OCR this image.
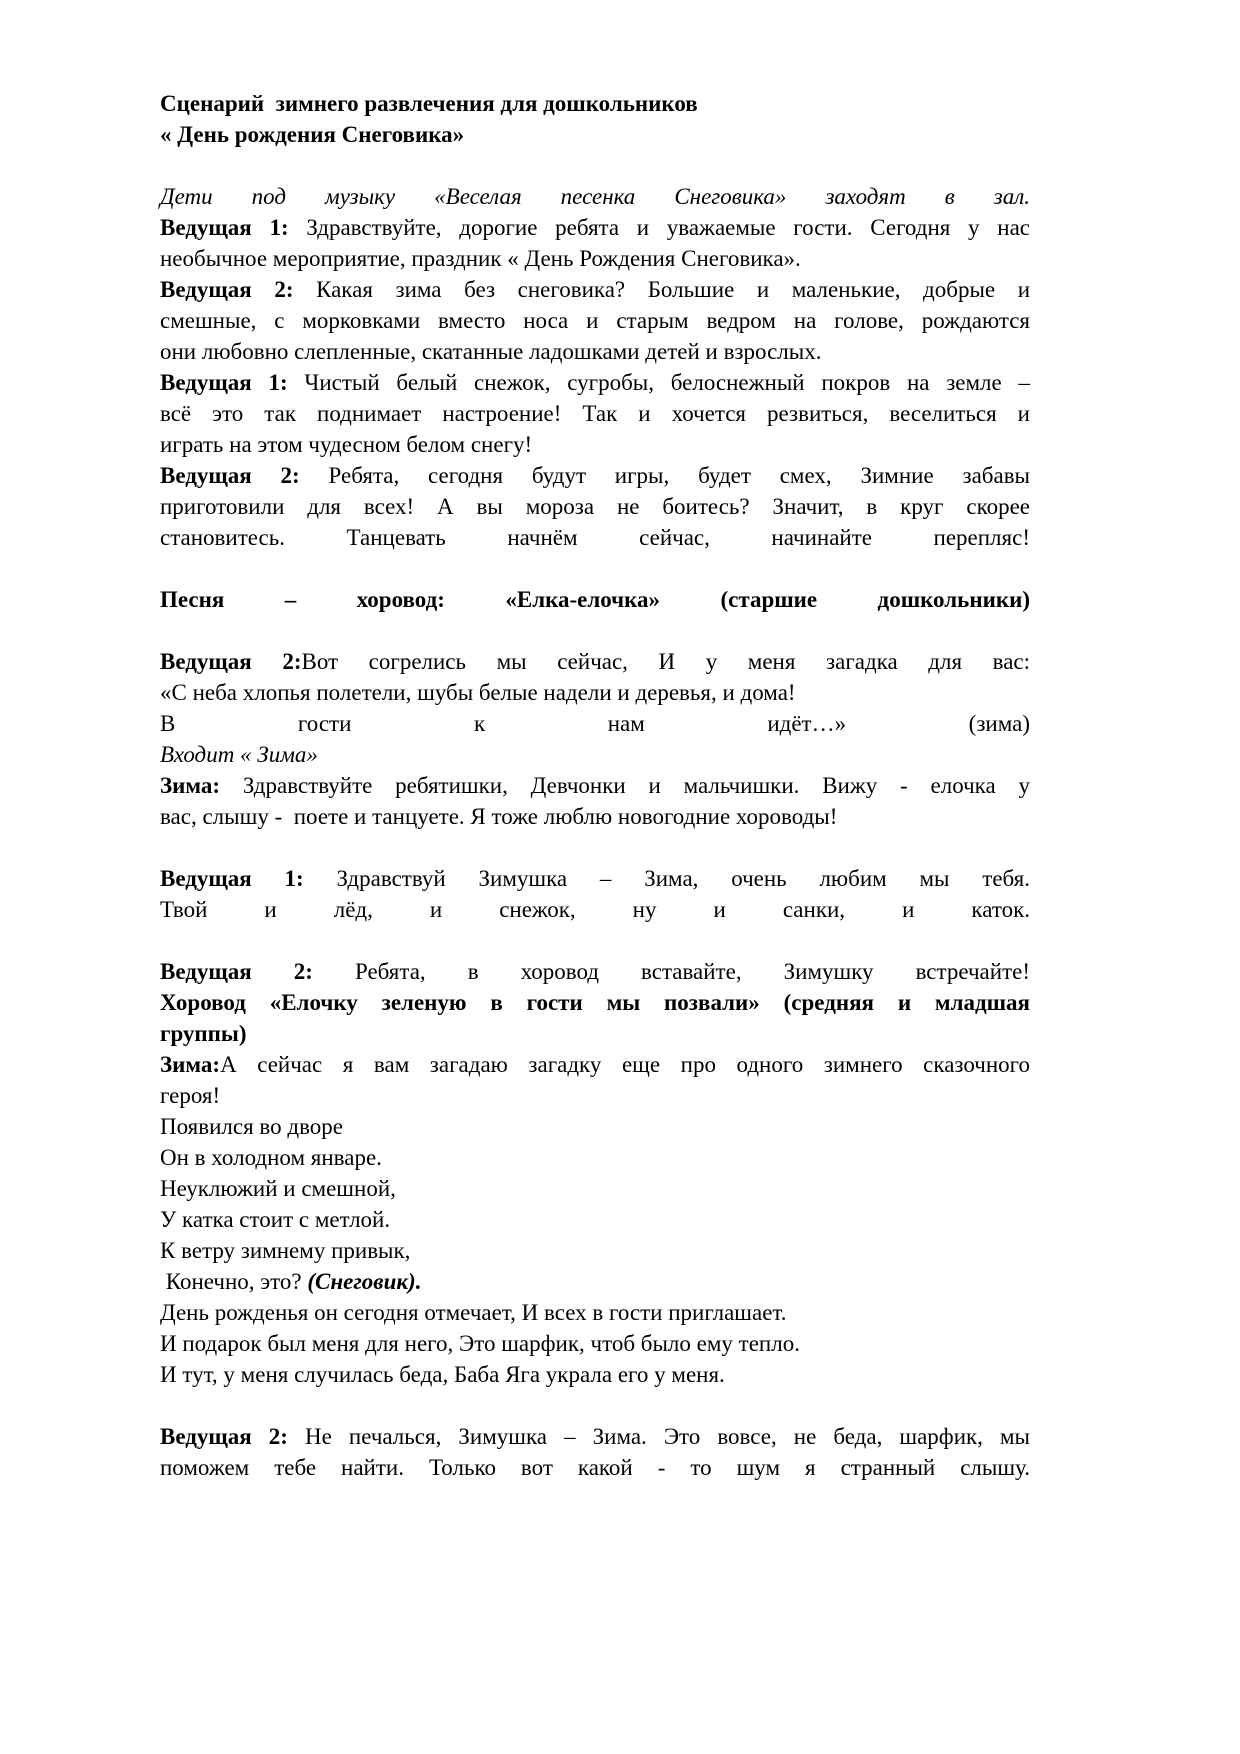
Сценарий  зимнего развлечения для дошкольников
« День рождения Снеговика»
Дети под музыку «Веселая песенка Снеговика» заходят в зал.
Ведущая 1: Здравствуйте, дорогие ребята и уважаемые гости. Сегодня у нас
необычное мероприятие, праздник « День Рождения Снеговика».
Ведущая 2: Какая зима без снеговика? Большие и маленькие, добрые и
смешные, с морковками вместо носа и старым ведром на голове, рождаются
они любовно слепленные, скатанные ладошками детей и взрослых.
Ведущая 1: Чистый белый снежок, сугробы, белоснежный покров на земле –
всё это так поднимает настроение! Так и хочется резвиться, веселиться и
играть на этом чудесном белом снегу!
Ведущая 2: Ребята, сегодня будут игры, будет смех, Зимние забавы
приготовили для всех! А вы мороза не боитесь? Значит, в круг скорее
становитесь. Танцевать начнём сейчас, начинайте перепляс!
Песня – хоровод: «Елка-елочка» (старшие дошкольники)
Ведущая 2:Вот согрелись мы сейчас, И у меня загадка для вас:
«С неба хлопья полетели, шубы белые надели и деревья, и дома!
В гости к нам идёт…» (зима)
Входит « Зима»
Зима: Здравствуйте ребятишки, Девчонки и мальчишки. Вижу - елочка у
вас, слышу -  поете и танцуете. Я тоже люблю новогодние хороводы!
Ведущая 1: Здравствуй Зимушка – Зима, очень любим мы тебя.
Твой и лёд, и снежок, ну и санки, и каток.
Ведущая 2: Ребята, в хоровод вставайте, Зимушку встречайте!
Хоровод «Елочку зеленую в гости мы позвали» (средняя и младшая
группы)
Зима:А сейчас я вам загадаю загадку еще про одного зимнего сказочного
героя!
Появился во дворе
Он в холодном январе.
Неуклюжий и смешной,
У катка стоит с метлой.
К ветру зимнему привык,
Конечно, это? (Снеговик).
День рожденья он сегодня отмечает, И всех в гости приглашает.
И подарок был меня для него, Это шарфик, чтоб было ему тепло.
И тут, у меня случилась беда, Баба Яга украла его у меня.
Ведущая 2: Не печалься, Зимушка – Зима. Это вовсе, не беда, шарфик, мы
поможем тебе найти. Только вот какой - то шум я странный слышу.
